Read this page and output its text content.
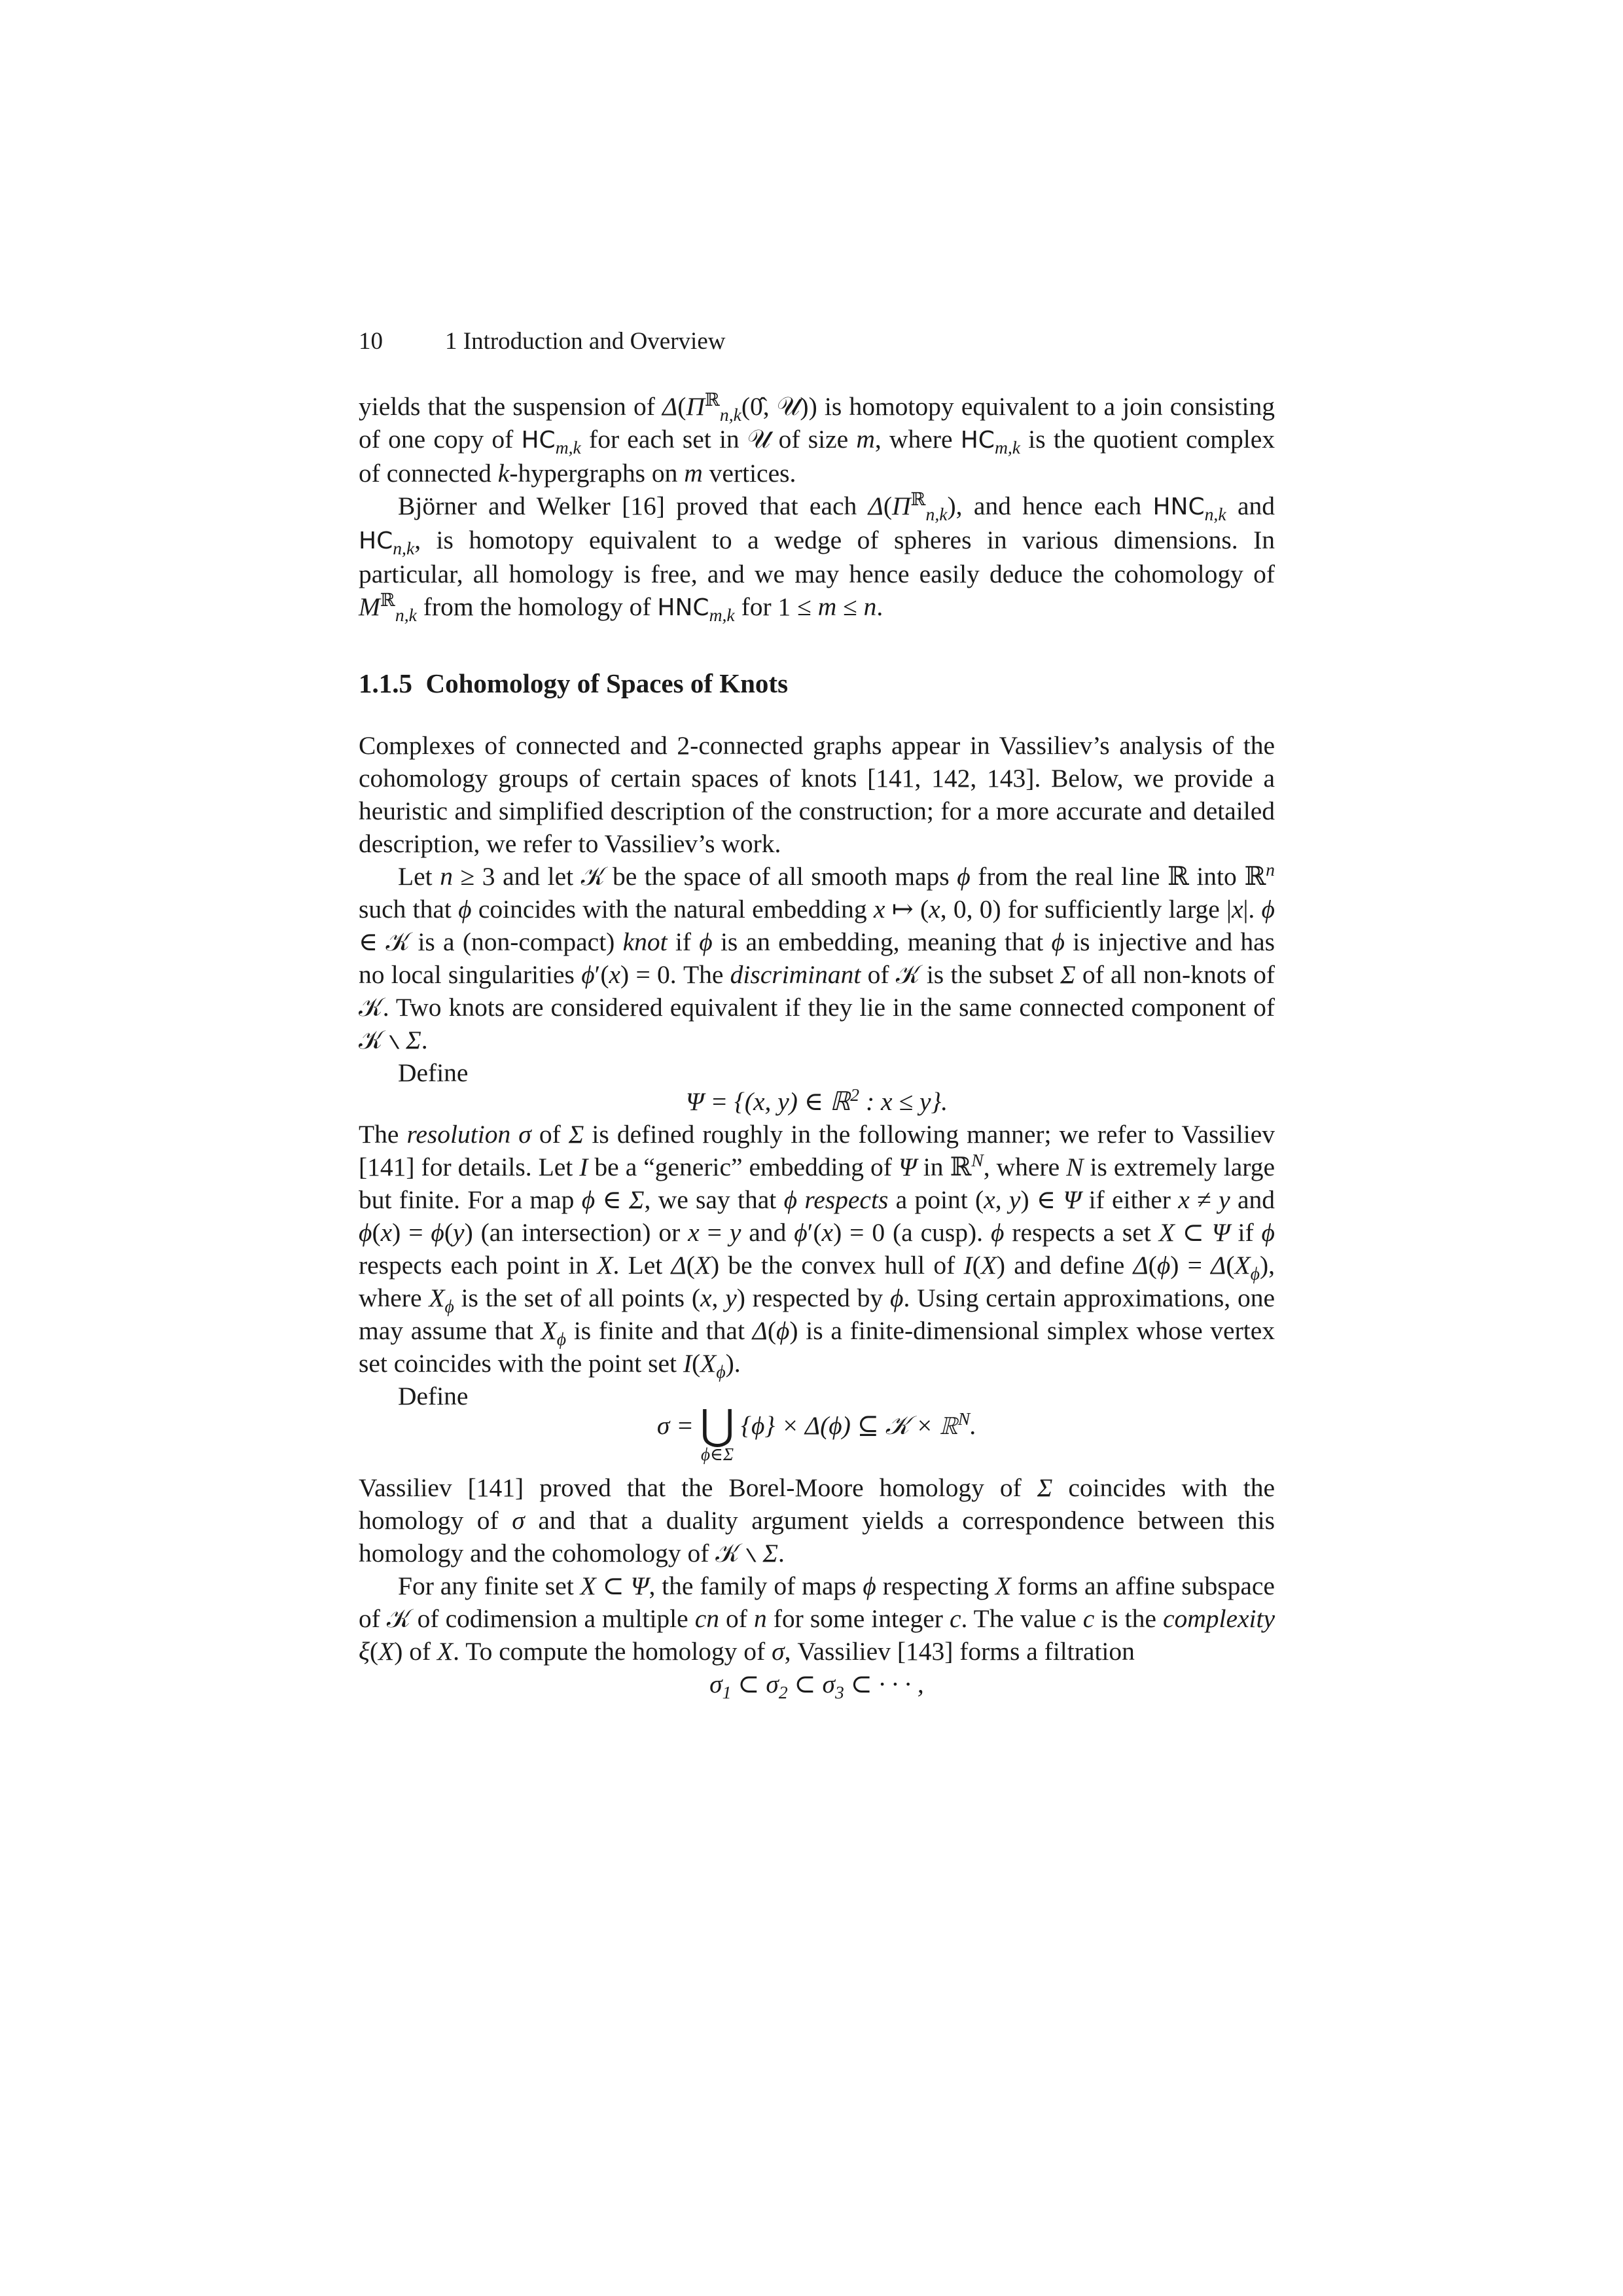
10	1 Introduction and Overview

yields that the suspension of $\Delta(\Pi^ℝ_{n,k}(0̂$, 𝒰)) is homotopy equivalent to a join consisting of one copy of $HC_{m,k}$ for each set in 𝒰 of size m, where $HC_{m,k}$ is the quotient complex of connected k-hypergraphs on m vertices.

Björner and Welker [16] proved that each $\Delta(\Pi^ℝ_{n,k})$, and hence each $HNC_{n,k}$ and $HC_{n,k}$, is homotopy equivalent to a wedge of spheres in various dimensions. In particular, all homology is free, and we may hence easily deduce the cohomology of $M^ℝ_{n,k}$ from the homology of $HNC_{m,k}$ for 1 ≤ m ≤ n.

1.1.5 Cohomology of Spaces of Knots

Complexes of connected and 2-connected graphs appear in Vassiliev’s analysis of the cohomology groups of certain spaces of knots [141, 142, 143]. Below, we provide a heuristic and simplified description of the construction; for a more accurate and detailed description, we refer to Vassiliev’s work.

Let n ≥ 3 and let 𝒦 be the space of all smooth maps ϕ from the real line ℝ into ℝ$^n$ such that ϕ coincides with the natural embedding x ↦ (x, 0, 0) for sufficiently large |x|. ϕ ∈ 𝒦 is a (non-compact) knot if ϕ is an embedding, meaning that ϕ is injective and has no local singularities ϕ′(x) = 0. The discriminant of 𝒦 is the subset Σ of all non-knots of 𝒦. Two knots are considered equivalent if they lie in the same connected component of 𝒦 ∖ Σ.

Define

Ψ = {(x, y) ∈ ℝ$^2$ : x ≤ y}.

The resolution σ of Σ is defined roughly in the following manner; we refer to Vassiliev [141] for details. Let I be a “generic” embedding of Ψ in ℝ$^N$, where N is extremely large but finite. For a map ϕ ∈ Σ, we say that ϕ respects a point (x, y) ∈ Ψ if either x ≠ y and ϕ(x) = ϕ(y) (an intersection) or x = y and ϕ′(x) = 0 (a cusp). ϕ respects a set X ⊂ Ψ if ϕ respects each point in X. Let Δ(X) be the convex hull of I(X) and define $\Delta(\phi) = \Delta(X_\phi)$, where $X_\phi$ is the set of all points (x, y) respected by ϕ. Using certain approximations, one may assume that $X_\phi$ is finite and that Δ(ϕ) is a finite-dimensional simplex whose vertex set coincides with the point set $I(X_\phi)$.

Define

σ = ⋃
ϕ∈Σ
{ϕ} × Δ(ϕ) ⊆ 𝒦 × ℝ$^N$.

Vassiliev [141] proved that the Borel-Moore homology of Σ coincides with the homology of σ and that a duality argument yields a correspondence between this homology and the cohomology of 𝒦 ∖ Σ.

For any finite set X ⊂ Ψ, the family of maps ϕ respecting X forms an affine subspace of 𝒦 of codimension a multiple cn of n for some integer c. The value c is the complexity ξ(X) of X. To compute the homology of σ, Vassiliev [143] forms a filtration

$\sigma_1$ ⊂ $\sigma_2$ ⊂ $\sigma_3$ ⊂ · · · ,
